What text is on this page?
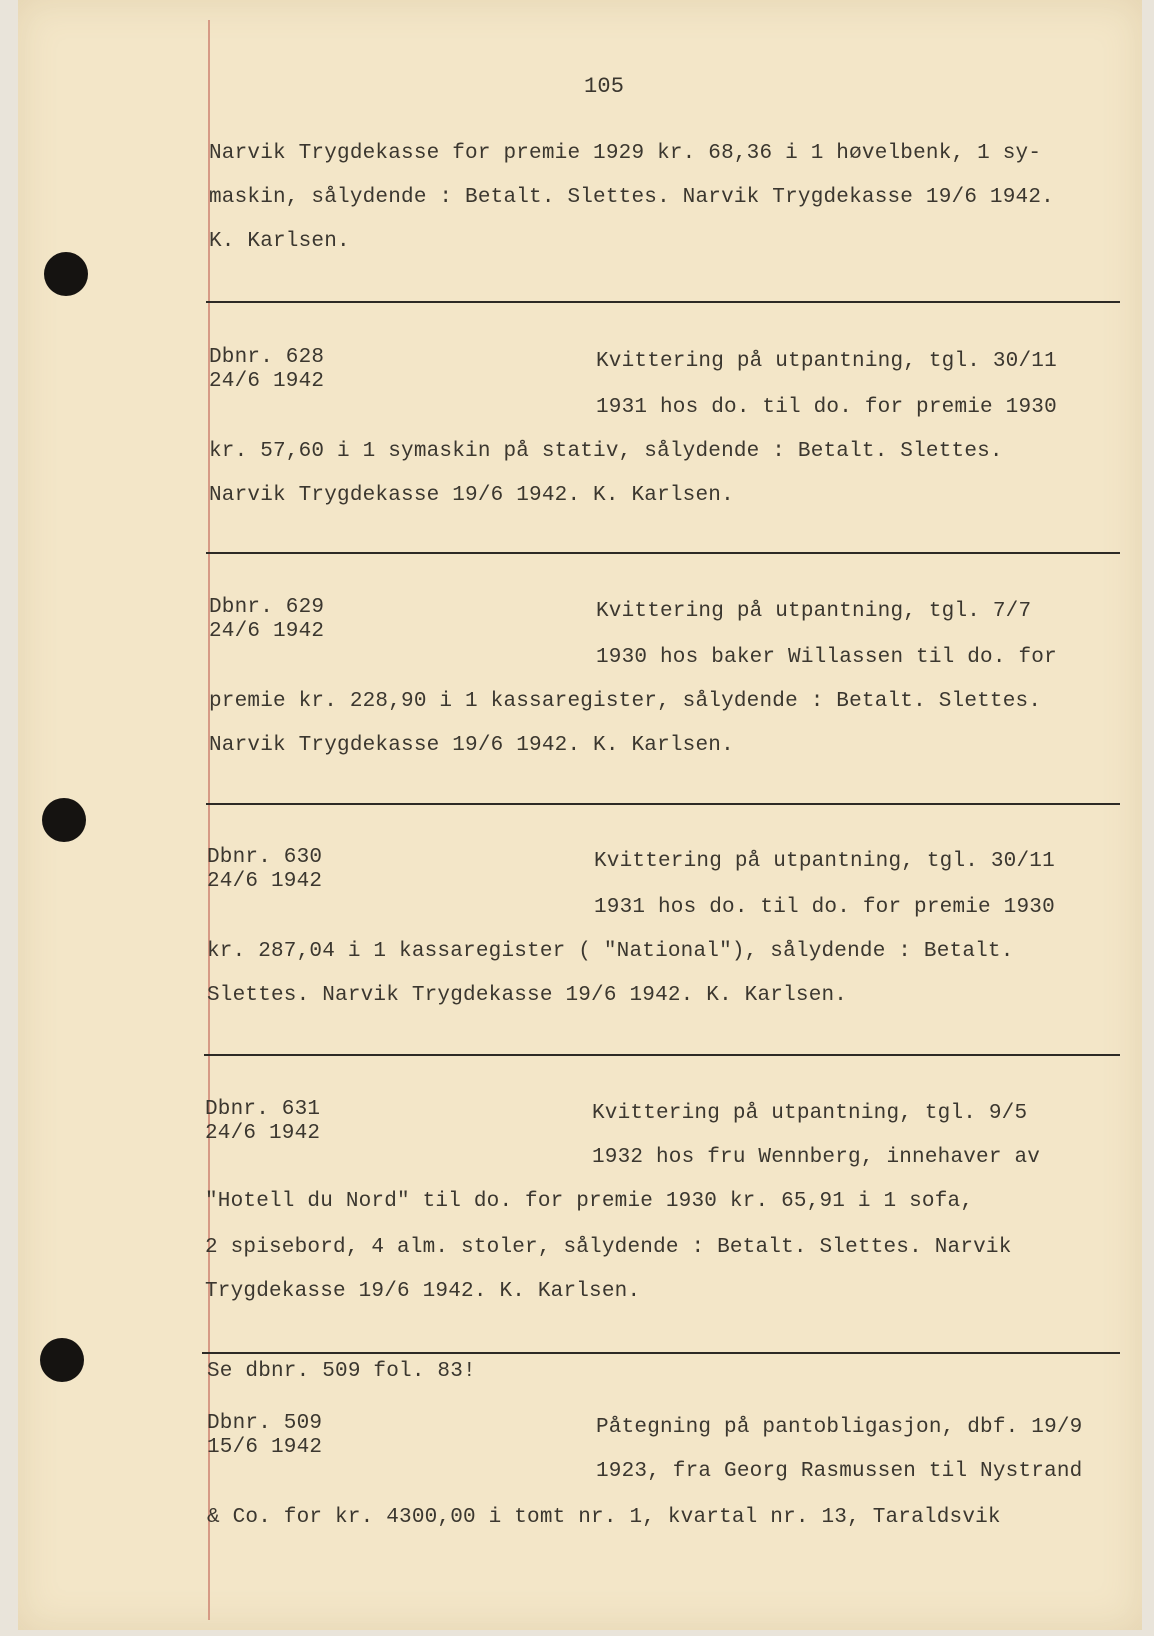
105
Narvik Trygdekasse for premie 1929 kr. 68,36 i 1 høvelbenk, 1 sy-
maskin, sålydende : Betalt. Slettes. Narvik Trygdekasse 19/6 1942.
K. Karlsen.
Dbnr. 628
24/6 1942
Kvittering på utpantning, tgl. 30/11
1931 hos do. til do. for premie 1930
kr. 57,60 i 1 symaskin på stativ, sålydende : Betalt. Slettes.
Narvik Trygdekasse 19/6 1942. K. Karlsen.
Dbnr. 629
24/6 1942
Kvittering på utpantning, tgl. 7/7
1930 hos baker Willassen til do. for
premie kr. 228,90 i 1 kassaregister, sålydende : Betalt. Slettes.
Narvik Trygdekasse 19/6 1942. K. Karlsen.
Dbnr. 630
24/6 1942
Kvittering på utpantning, tgl. 30/11
1931 hos do. til do. for premie 1930
kr. 287,04 i 1 kassaregister ( "National"), sålydende : Betalt.
Slettes. Narvik Trygdekasse 19/6 1942. K. Karlsen.
Dbnr. 631
24/6 1942
Kvittering på utpantning, tgl. 9/5
1932 hos fru Wennberg, innehaver av
"Hotell du Nord" til do. for premie 1930 kr. 65,91 i 1 sofa,
2 spisebord, 4 alm. stoler, sålydende : Betalt. Slettes. Narvik
Trygdekasse 19/6 1942. K. Karlsen.
Se dbnr. 509 fol. 83!
Dbnr. 509
15/6 1942
Påtegning på pantobligasjon, dbf. 19/9
1923, fra Georg Rasmussen til Nystrand
& Co. for kr. 4300,00 i tomt nr. 1, kvartal nr. 13, Taraldsvik
